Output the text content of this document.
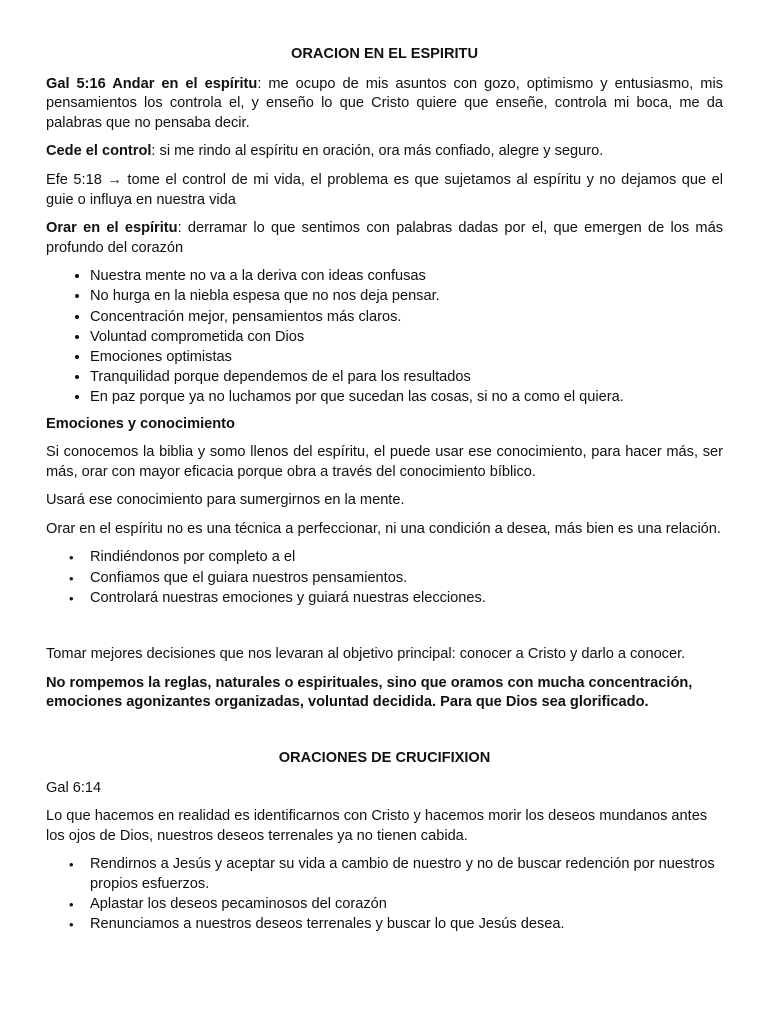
ORACION EN EL ESPIRITU

Gal 5:16 Andar en el espíritu: me ocupo de mis asuntos con gozo, optimismo y entusiasmo, mis pensamientos los controla el, y enseño lo que Cristo quiere que enseñe, controla mi boca, me da palabras que no pensaba decir.

Cede el control: si me rindo al espíritu en oración, ora más confiado, alegre y seguro.

Efe 5:18 → tome el control de mi vida, el problema es que sujetamos al espíritu y no dejamos que el guie o influya en nuestra vida

Orar en el espíritu: derramar lo que sentimos con palabras dadas por el, que emergen de los más profundo del corazón

• Nuestra mente no va a la deriva con ideas confusas
• No hurga en la niebla espesa que no nos deja pensar.
• Concentración mejor, pensamientos más claros.
• Voluntad comprometida con Dios
• Emociones optimistas
• Tranquilidad porque dependemos de el para los resultados
• En paz porque ya no luchamos por que sucedan las cosas, si no a como el quiera.

Emociones y conocimiento

Si conocemos la biblia y somo llenos del espíritu, el puede usar ese conocimiento, para hacer más, ser más, orar con mayor eficacia porque obra a través del conocimiento bíblico.

Usará ese conocimiento para sumergirnos en la mente.

Orar en el espíritu no es una técnica a perfeccionar, ni una condición a desea, más bien es una relación.

• Rindiéndonos por completo a el
• Confiamos que el guiara nuestros pensamientos.
• Controlará nuestras emociones y guiará nuestras elecciones.

Tomar mejores decisiones que nos levaran al objetivo principal: conocer a Cristo y darlo a conocer.

No rompemos la reglas, naturales o espirituales, sino que oramos con mucha concentración, emociones agonizantes organizadas, voluntad decidida. Para que Dios sea glorificado.

ORACIONES DE CRUCIFIXION

Gal 6:14

Lo que hacemos en realidad es identificarnos con Cristo y hacemos morir los deseos mundanos antes los ojos de Dios, nuestros deseos terrenales ya no tienen cabida.

• Rendirnos a Jesús y aceptar su vida a cambio de nuestro y no de buscar redención por nuestros propios esfuerzos.
• Aplastar los deseos pecaminosos del corazón
• Renunciamos a nuestros deseos terrenales y buscar lo que Jesús desea.
